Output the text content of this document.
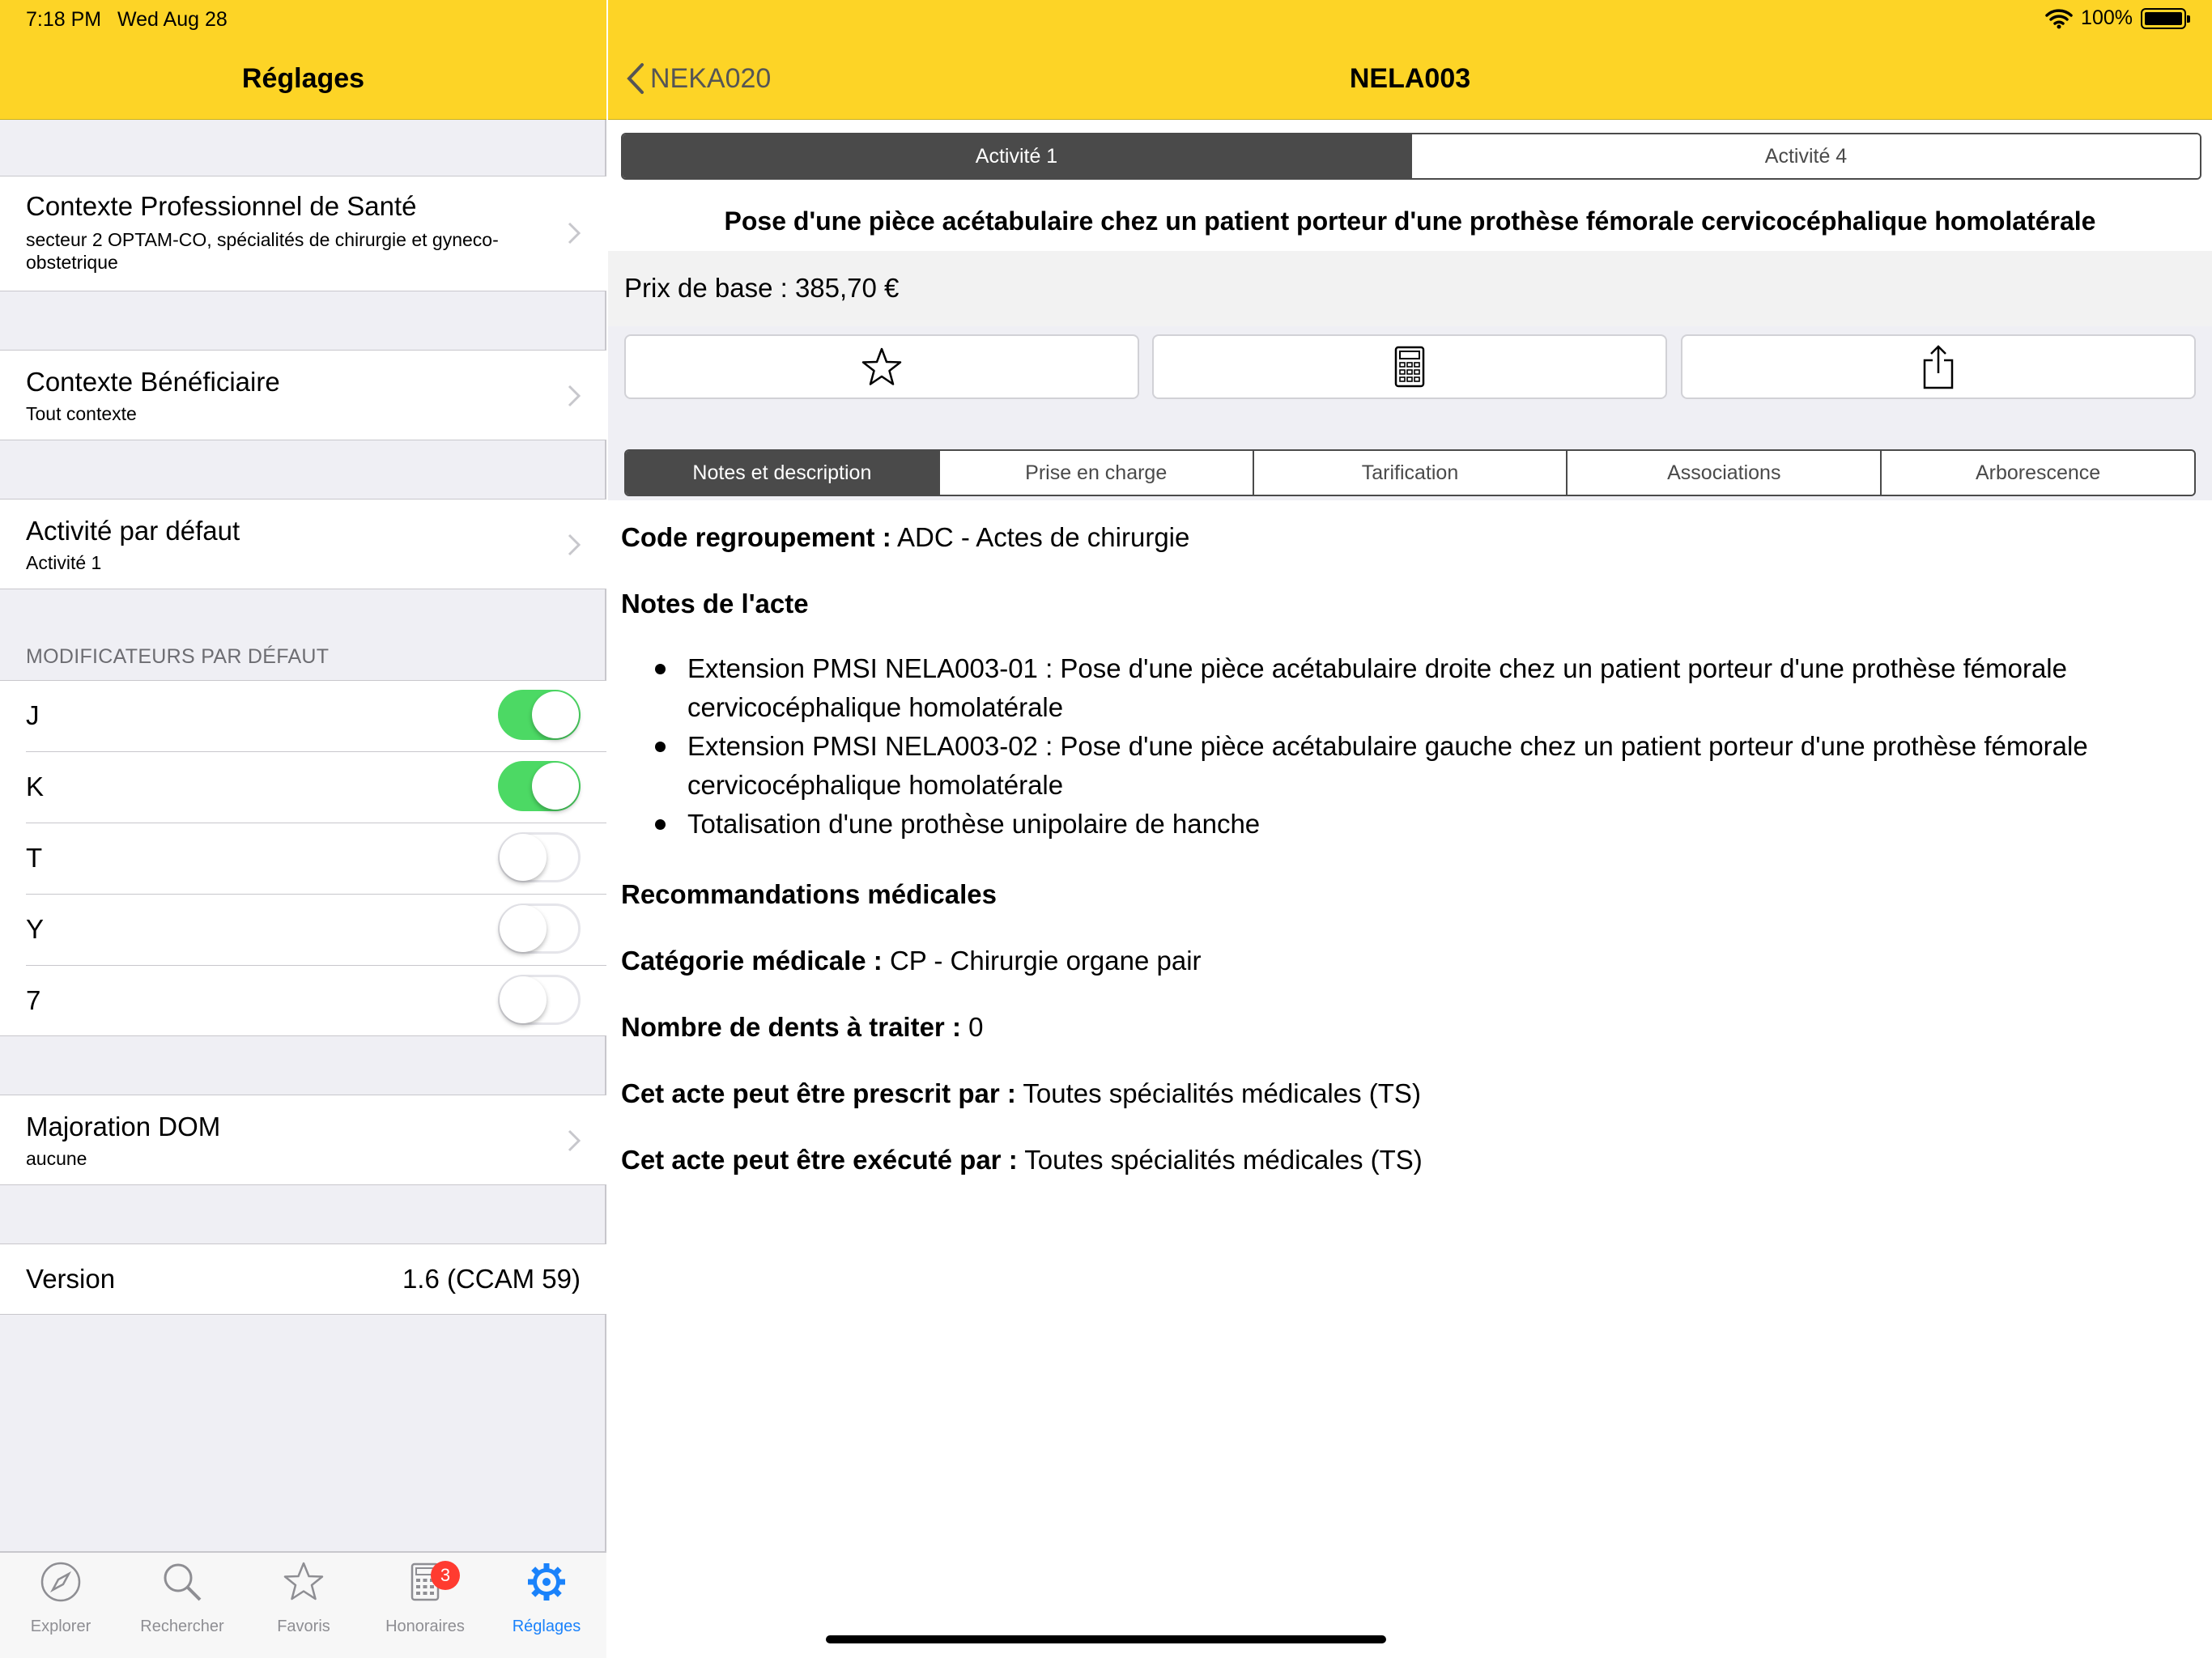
Réglages
Contexte Professionnel de Santé
secteur 2 OPTAM-CO, spécialités de chirurgie et gyneco-obstetrique
Contexte Bénéficiaire
Tout contexte
Activité par défaut
Activité 1
MODIFICATEURS PAR DÉFAUT
J
K
T
Y
7
Majoration DOM
aucune
Version	1.6 (CCAM 59)
Explorer	Rechercher	Favoris
3
Honoraires	Réglages
NEKA020	NELA003
Activité 1	Activité 4
Pose d'une pièce acétabulaire chez un patient porteur d'une prothèse fémorale cervicocéphalique homolatérale
Prix de base : 385,70 €
Notes et description	Prise en charge	Tarification	Associations	Arborescence

Code regroupement : ADC - Actes de chirurgie

Notes de l'acte

Extension PMSI NELA003-01 : Pose d'une pièce acétabulaire droite chez un patient porteur d'une prothèse fémorale cervicocéphalique homolatérale
Extension PMSI NELA003-02 : Pose d'une pièce acétabulaire gauche chez un patient porteur d'une prothèse fémorale cervicocéphalique homolatérale
Totalisation d'une prothèse unipolaire de hanche

Recommandations médicales

Catégorie médicale : CP - Chirurgie organe pair

Nombre de dents à traiter : 0

Cet acte peut être prescrit par : Toutes spécialités médicales (TS)

Cet acte peut être exécuté par : Toutes spécialités médicales (TS)

7:18 PM Wed Aug 28	100%
